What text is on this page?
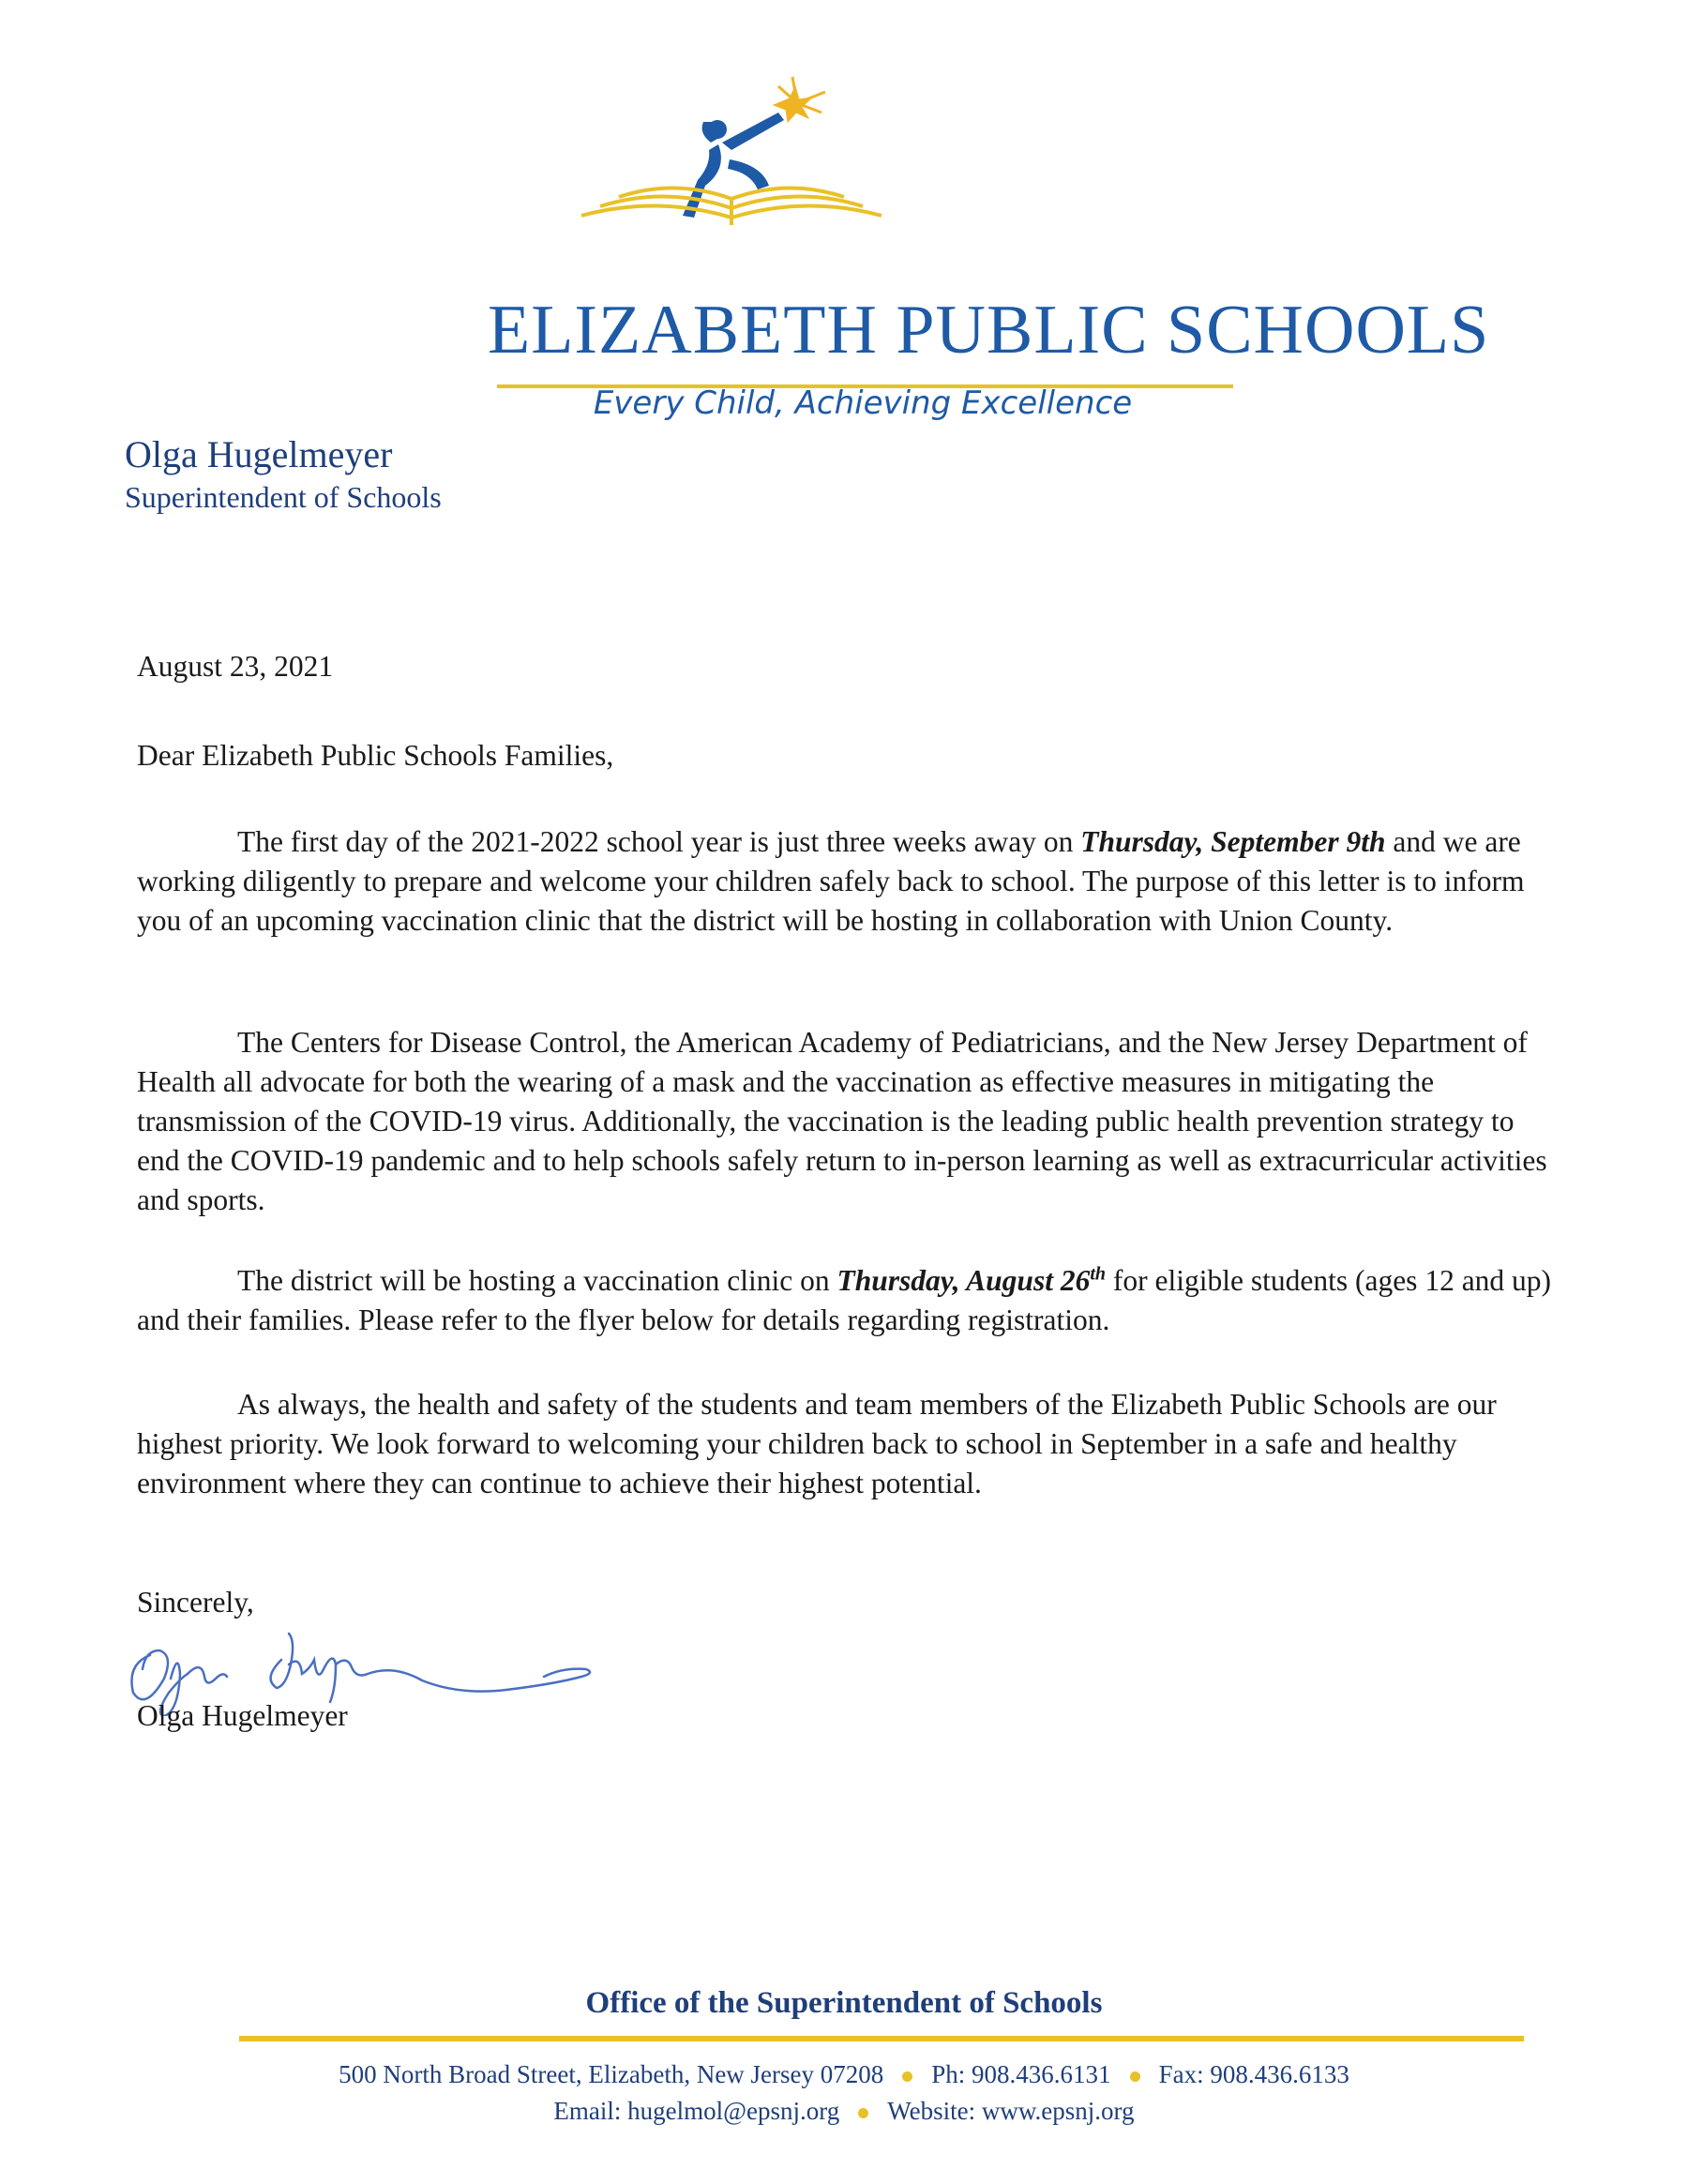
ELIZABETH PUBLIC SCHOOLS
Every Child, Achieving Excellence
Olga Hugelmeyer
Superintendent of Schools
August 23, 2021
Dear Elizabeth Public Schools Families,
The first day of the 2021-2022 school year is just three weeks away on Thursday, September 9th and we are working diligently to prepare and welcome your children safely back to school. The purpose of this letter is to inform you of an upcoming vaccination clinic that the district will be hosting in collaboration with Union County.
The Centers for Disease Control, the American Academy of Pediatricians, and the New Jersey Department of Health all advocate for both the wearing of a mask and the vaccination as effective measures in mitigating the transmission of the COVID-19 virus. Additionally, the vaccination is the leading public health prevention strategy to end the COVID-19 pandemic and to help schools safely return to in-person learning as well as extracurricular activities and sports.
The district will be hosting a vaccination clinic on Thursday, August 26th for eligible students (ages 12 and up) and their families. Please refer to the flyer below for details regarding registration.
As always, the health and safety of the students and team members of the Elizabeth Public Schools are our highest priority. We look forward to welcoming your children back to school in September in a safe and healthy environment where they can continue to achieve their highest potential.
Sincerely,
Olga Hugelmeyer
Office of the Superintendent of Schools
500 North Broad Street, Elizabeth, New Jersey 07208 Ph: 908.436.6131 Fax: 908.436.6133
Email: hugelmol@epsnj.org Website: www.epsnj.org
